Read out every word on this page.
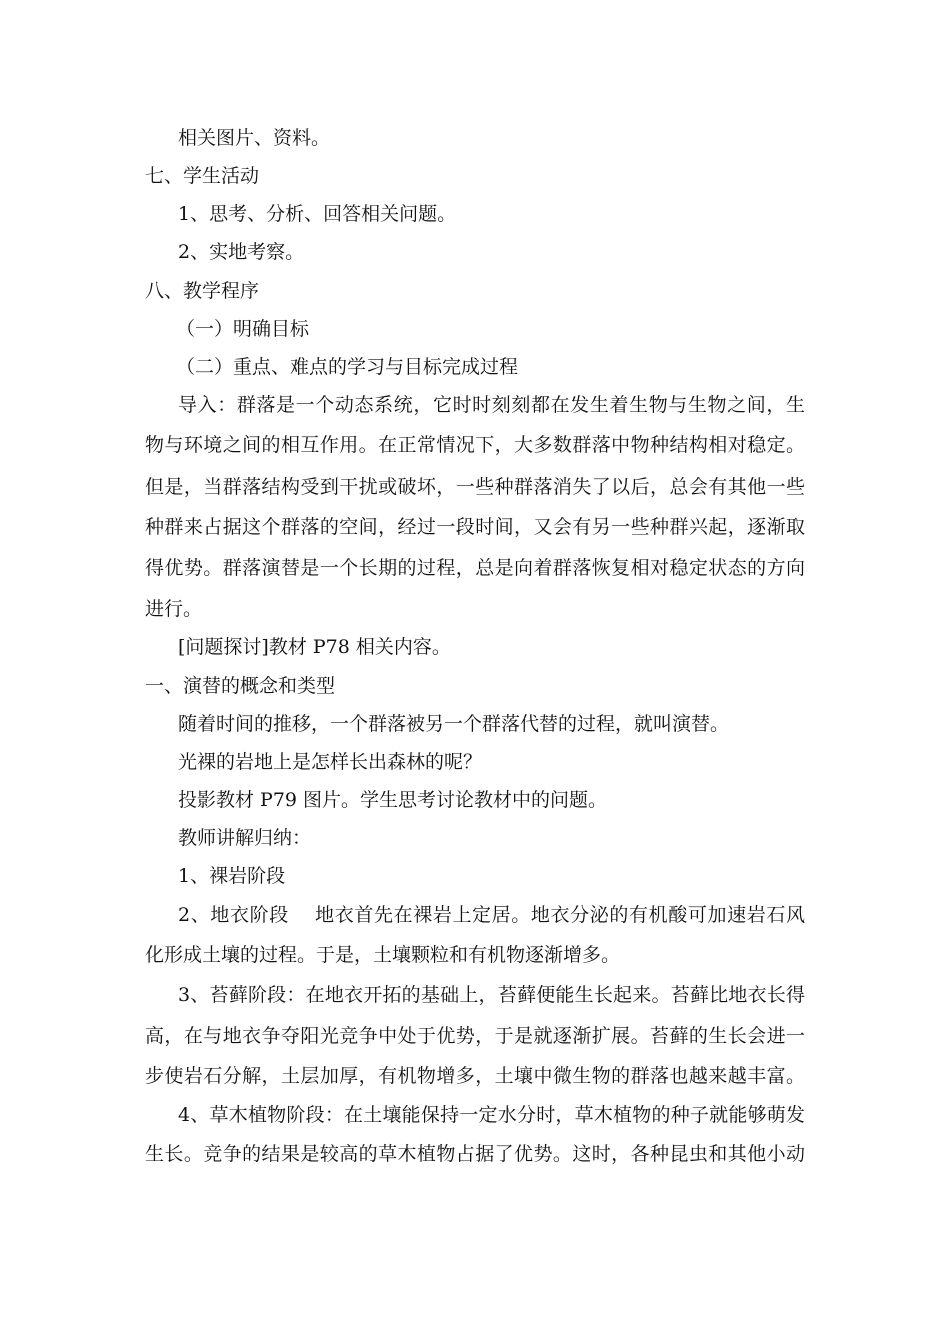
相关图片、资料。
七、学生活动
1、思考、分析、回答相关问题。
2、实地考察。
八、教学程序
（一）明确目标
（二）重点、难点的学习与目标完成过程
导入：群落是一个动态系统，它时时刻刻都在发生着生物与生物之间，生
物与环境之间的相互作用。在正常情况下，大多数群落中物种结构相对稳定。
但是，当群落结构受到干扰或破坏，一些种群落消失了以后，总会有其他一些
种群来占据这个群落的空间，经过一段时间，又会有另一些种群兴起，逐渐取
得优势。群落演替是一个长期的过程，总是向着群落恢复相对稳定状态的方向
进行。
[问题探讨]教材 P78 相关内容。
一、演替的概念和类型
随着时间的推移，一个群落被另一个群落代替的过程，就叫演替。
光裸的岩地上是怎样长出森林的呢？
投影教材 P79 图片。学生思考讨论教材中的问题。
教师讲解归纳：
1、裸岩阶段
2、地衣阶段　 地衣首先在裸岩上定居。地衣分泌的有机酸可加速岩石风
化形成土壤的过程。于是，土壤颗粒和有机物逐渐增多。
3、苔藓阶段：在地衣开拓的基础上，苔藓便能生长起来。苔藓比地衣长得
高，在与地衣争夺阳光竞争中处于优势，于是就逐渐扩展。苔藓的生长会进一
步使岩石分解，土层加厚，有机物增多，土壤中微生物的群落也越来越丰富。
4、草木植物阶段：在土壤能保持一定水分时，草木植物的种子就能够萌发
生长。竞争的结果是较高的草木植物占据了优势。这时，各种昆虫和其他小动
